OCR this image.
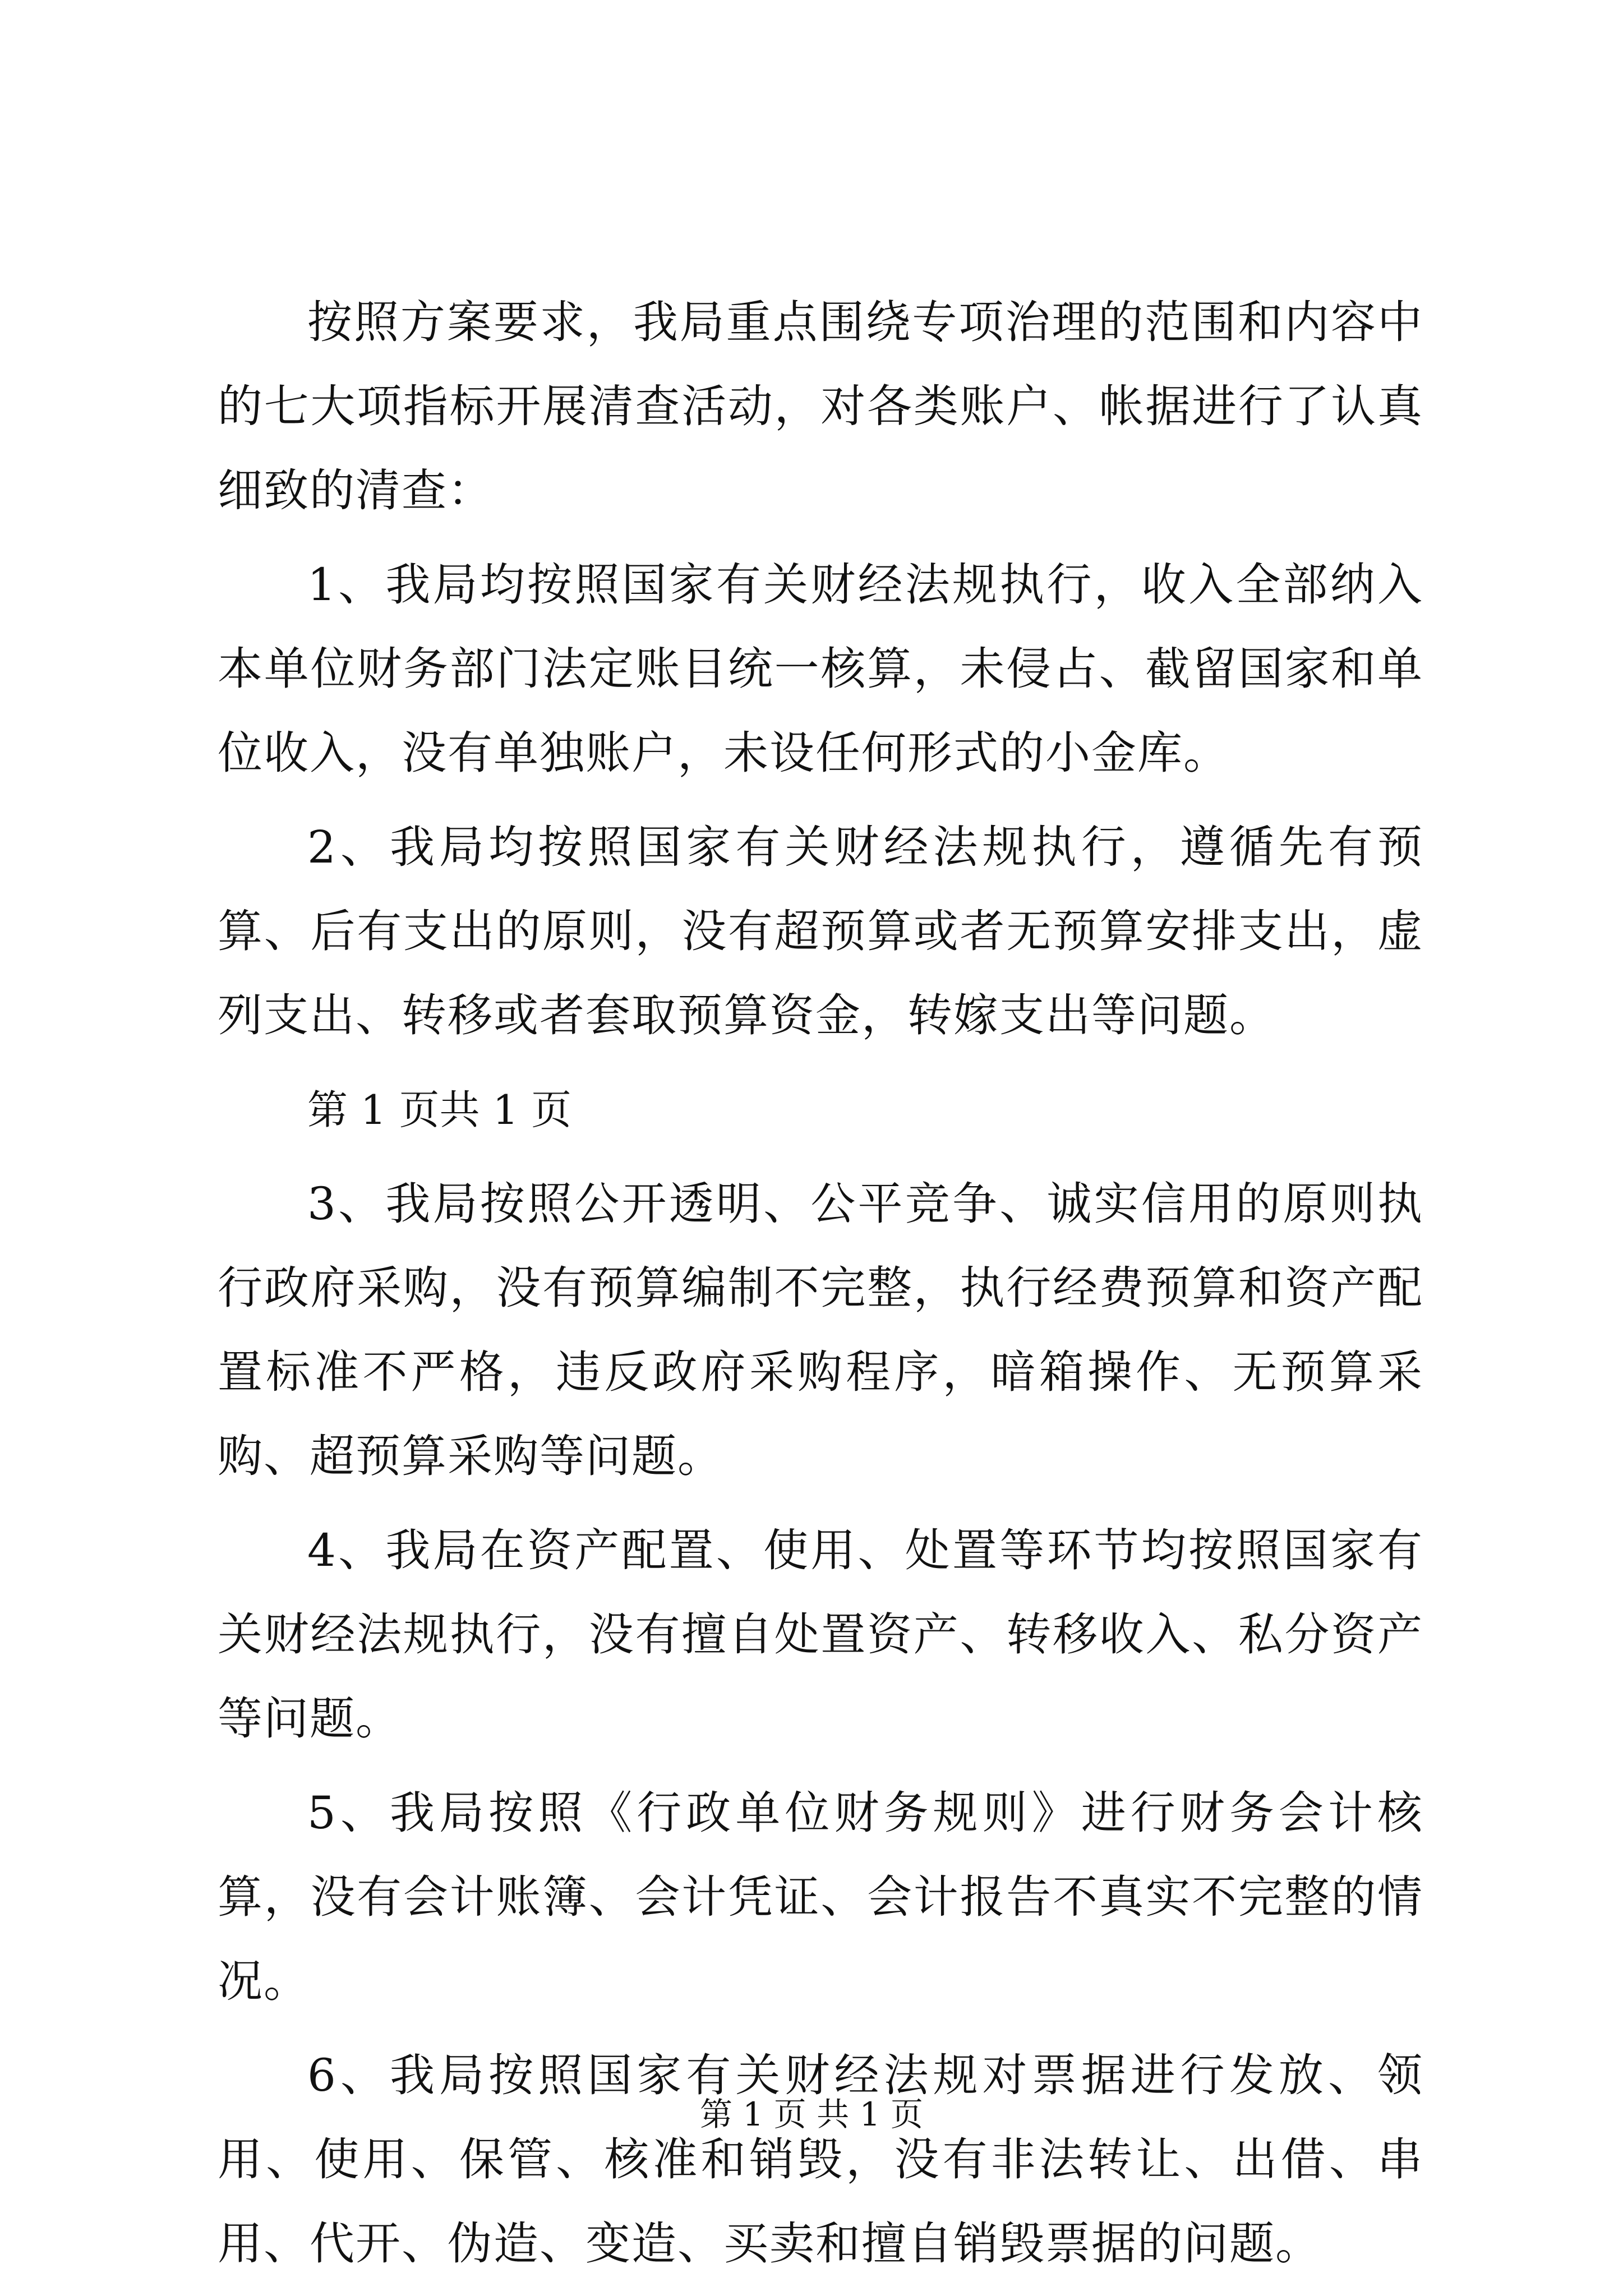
按照方案要求，我局重点围绕专项治理的范围和内容中的七大项指标开展清查活动，对各类账户、帐据进行了认真细致的清查：

1、我局均按照国家有关财经法规执行，收入全部纳入本单位财务部门法定账目统一核算，未侵占、截留国家和单位收入，没有单独账户，未设任何形式的小金库。

2、我局均按照国家有关财经法规执行，遵循先有预算、后有支出的原则，没有超预算或者无预算安排支出，虚列支出、转移或者套取预算资金，转嫁支出等问题。

第 1 页共 1 页

3、我局按照公开透明、公平竞争、诚实信用的原则执行政府采购，没有预算编制不完整，执行经费预算和资产配置标准不严格，违反政府采购程序，暗箱操作、无预算采购、超预算采购等问题。

4、我局在资产配置、使用、处置等环节均按照国家有关财经法规执行，没有擅自处置资产、转移收入、私分资产等问题。

5、我局按照《行政单位财务规则》进行财务会计核算，没有会计账簿、会计凭证、会计报告不真实不完整的情况。

6、我局按照国家有关财经法规对票据进行发放、领用、使用、保管、核准和销毁，没有非法转让、出借、串用、代开、伪造、变造、买卖和擅自销毁票据的问题。

第 1 页 共 1 页
